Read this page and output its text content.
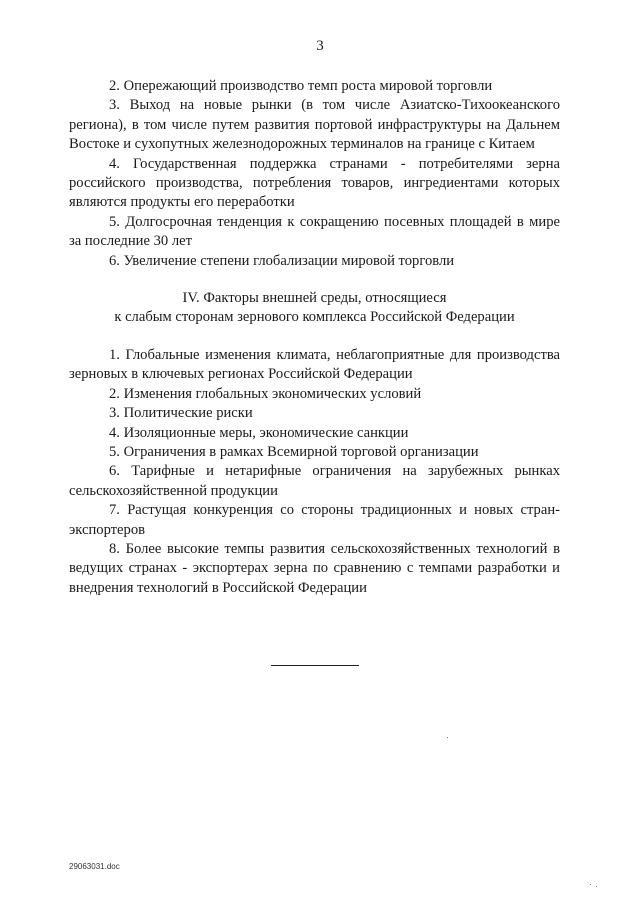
3

2. Опережающий производство темп роста мировой торговли

3. Выход на новые рынки (в том числе Азиатско-Тихоокеанского региона), в том числе путем развития портовой инфраструктуры на Дальнем Востоке и сухопутных железнодорожных терминалов на границе с Китаем

4. Государственная поддержка странами - потребителями зерна российского производства, потребления товаров, ингредиентами которых являются продукты его переработки

5. Долгосрочная тенденция к сокращению посевных площадей в мире за последние 30 лет

6. Увеличение степени глобализации мировой торговли

IV. Факторы внешней среды, относящиеся
к слабым сторонам зернового комплекса Российской Федерации

1. Глобальные изменения климата, неблагоприятные для производства зерновых в ключевых регионах Российской Федерации

2. Изменения глобальных экономических условий

3. Политические риски

4. Изоляционные меры, экономические санкции

5. Ограничения в рамках Всемирной торговой организации

6. Тарифные и нетарифные ограничения на зарубежных рынках сельскохозяйственной продукции

7. Растущая конкуренция со стороны традиционных и новых стран-экспортеров

8. Более высокие темпы развития сельскохозяйственных технологий в ведущих странах - экспортерах зерна по сравнению с темпами разработки и внедрения технологий в Российской Федерации

29063031.doc
